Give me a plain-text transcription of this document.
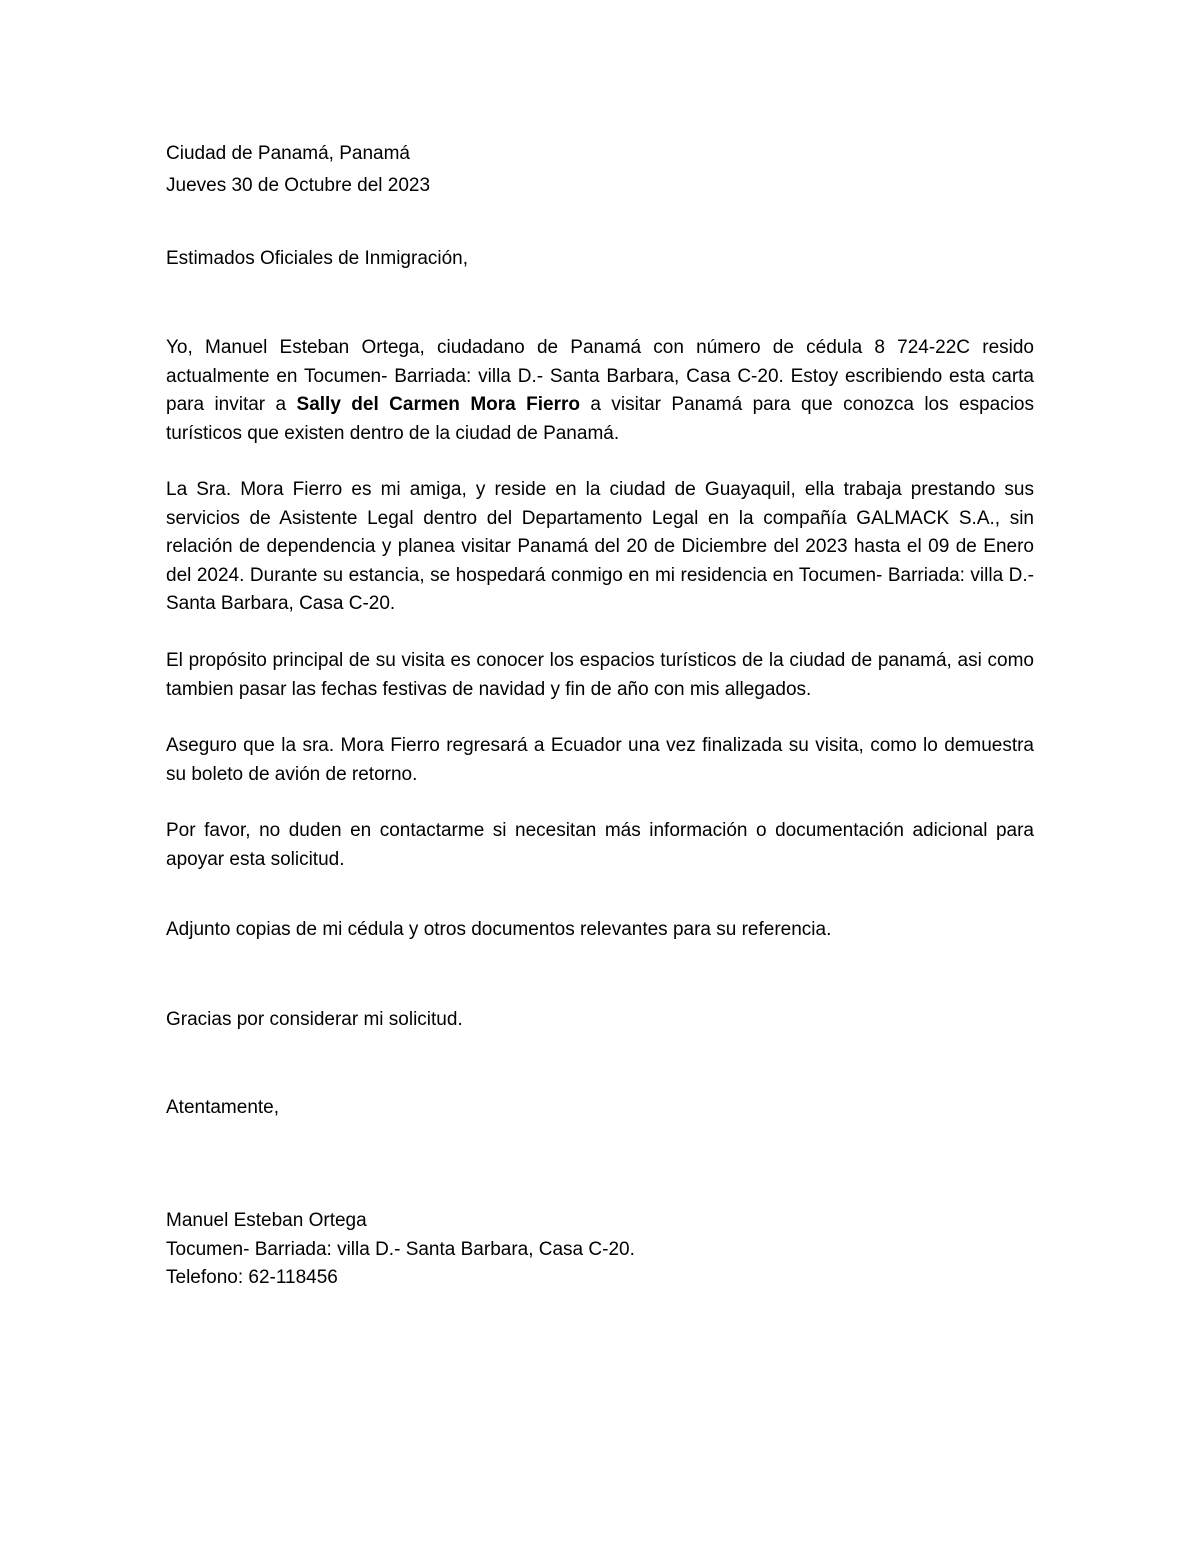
Ciudad de Panamá, Panamá
Jueves 30 de Octubre del 2023
Estimados Oficiales de Inmigración,

Yo, Manuel Esteban Ortega, ciudadano de Panamá con número de cédula 8 724-22C resido actualmente en Tocumen- Barriada: villa D.- Santa Barbara, Casa C-20. Estoy escribiendo esta carta para invitar a Sally del Carmen Mora Fierro a visitar Panamá para que conozca los espacios turísticos que existen dentro de la ciudad de Panamá.

La Sra. Mora Fierro es mi amiga, y reside en la ciudad de Guayaquil, ella trabaja prestando sus servicios de Asistente Legal dentro del Departamento Legal en la compañía GALMACK S.A., sin relación de dependencia y planea visitar Panamá del 20 de Diciembre del 2023 hasta el 09 de Enero del 2024. Durante su estancia, se hospedará conmigo en mi residencia en Tocumen- Barriada: villa D.- Santa Barbara, Casa C-20.

El propósito principal de su visita es conocer los espacios turísticos de la ciudad de panamá, asi como tambien pasar las fechas festivas de navidad y fin de año con mis allegados.

Aseguro que la sra. Mora Fierro regresará a Ecuador una vez finalizada su visita, como lo demuestra su boleto de avión de retorno.

Por favor, no duden en contactarme si necesitan más información o documentación adicional para apoyar esta solicitud.

Adjunto copias de mi cédula y otros documentos relevantes para su referencia.
Gracias por considerar mi solicitud.
Atentamente,
Manuel Esteban Ortega
Tocumen- Barriada: villa D.- Santa Barbara, Casa C-20.
Telefono: 62-118456
